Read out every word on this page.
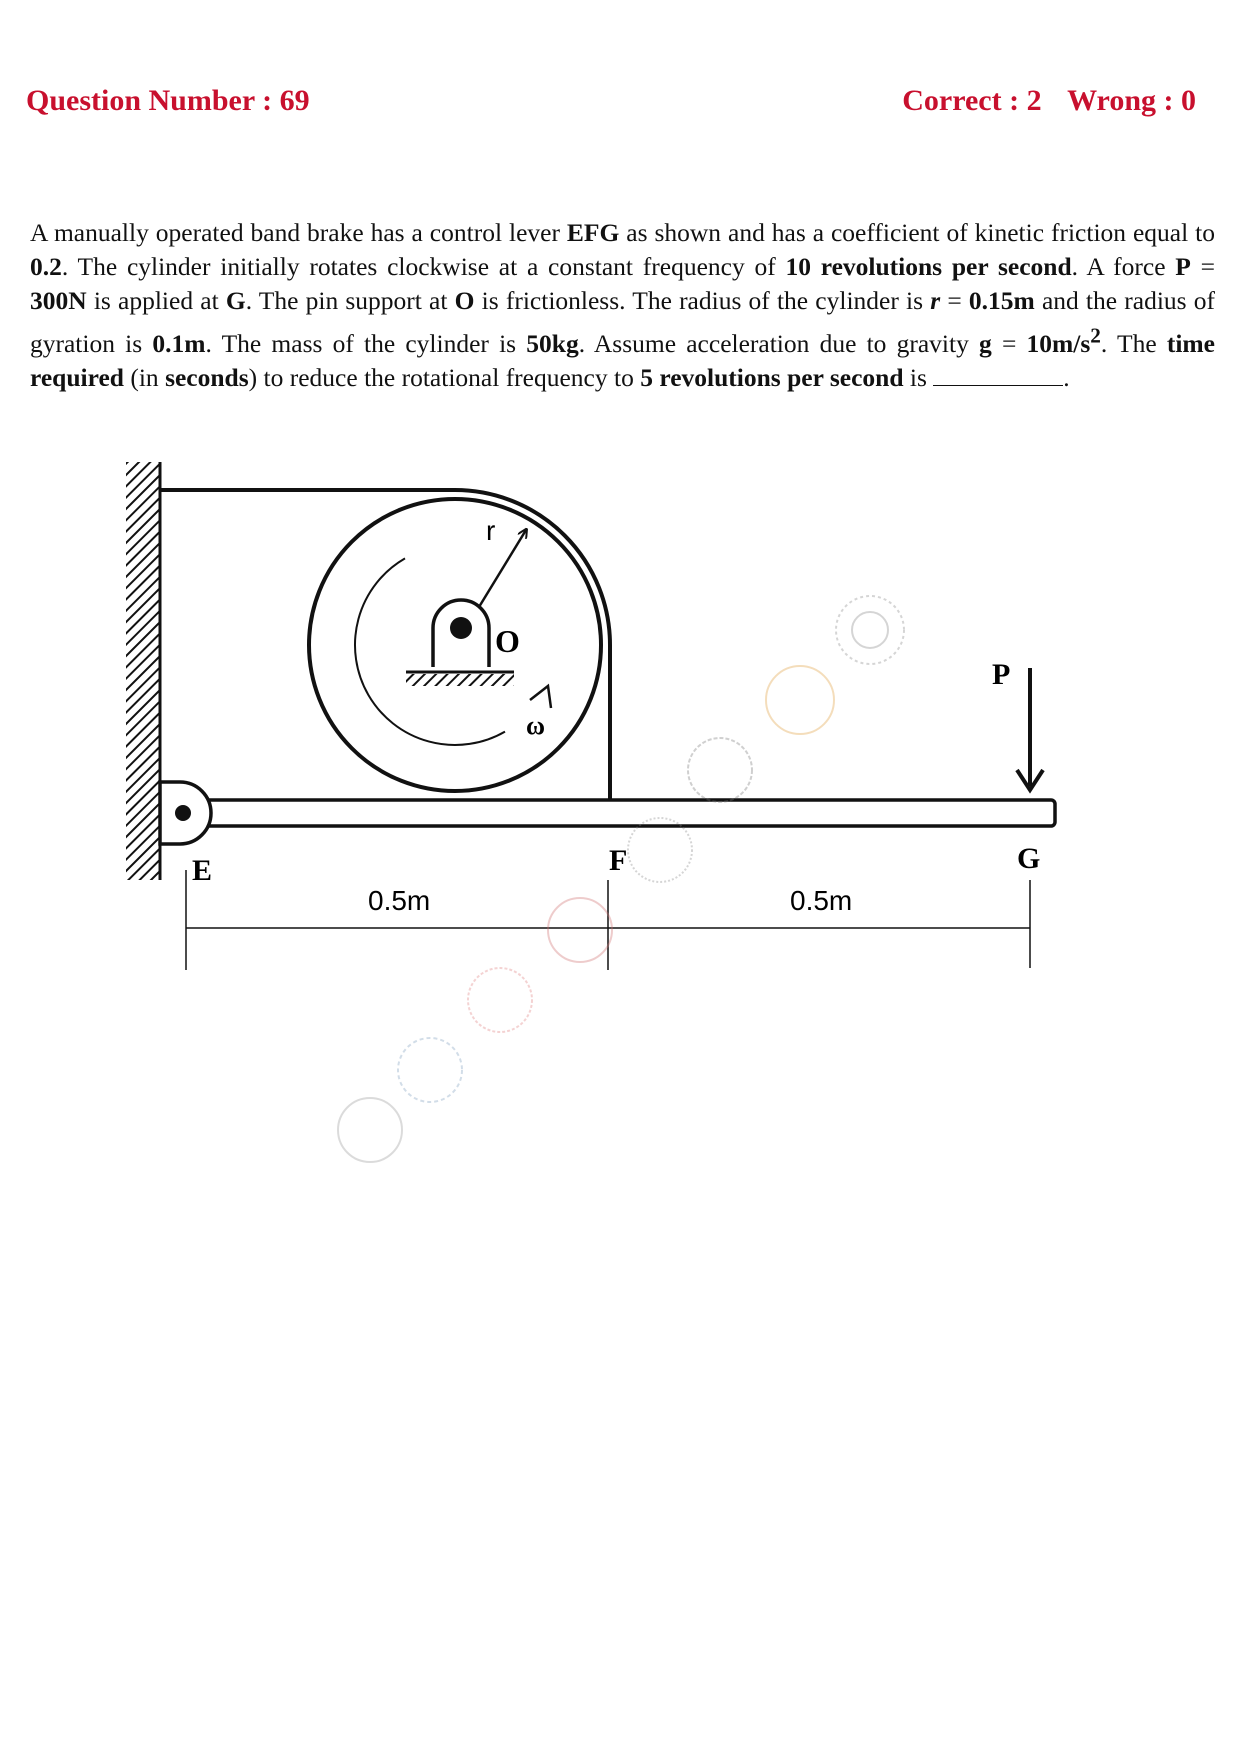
Question Number : 69	Correct : 2 Wrong : 0
A manually operated band brake has a control lever EFG as shown and has a coefficient of kinetic friction equal to 0.2. The cylinder initially rotates clockwise at a constant frequency of 10 revolutions per second. A force P = 300N is applied at G. The pin support at O is frictionless. The radius of the cylinder is r = 0.15m and the radius of gyration is 0.1m. The mass of the cylinder is 50kg. Assume acceleration due to gravity $g = 10m/s^2$. The time required (in seconds) to reduce the rotational frequency to 5 revolutions per second is	.
r
O
ω
P
E	F	G
0.5m	0.5m
